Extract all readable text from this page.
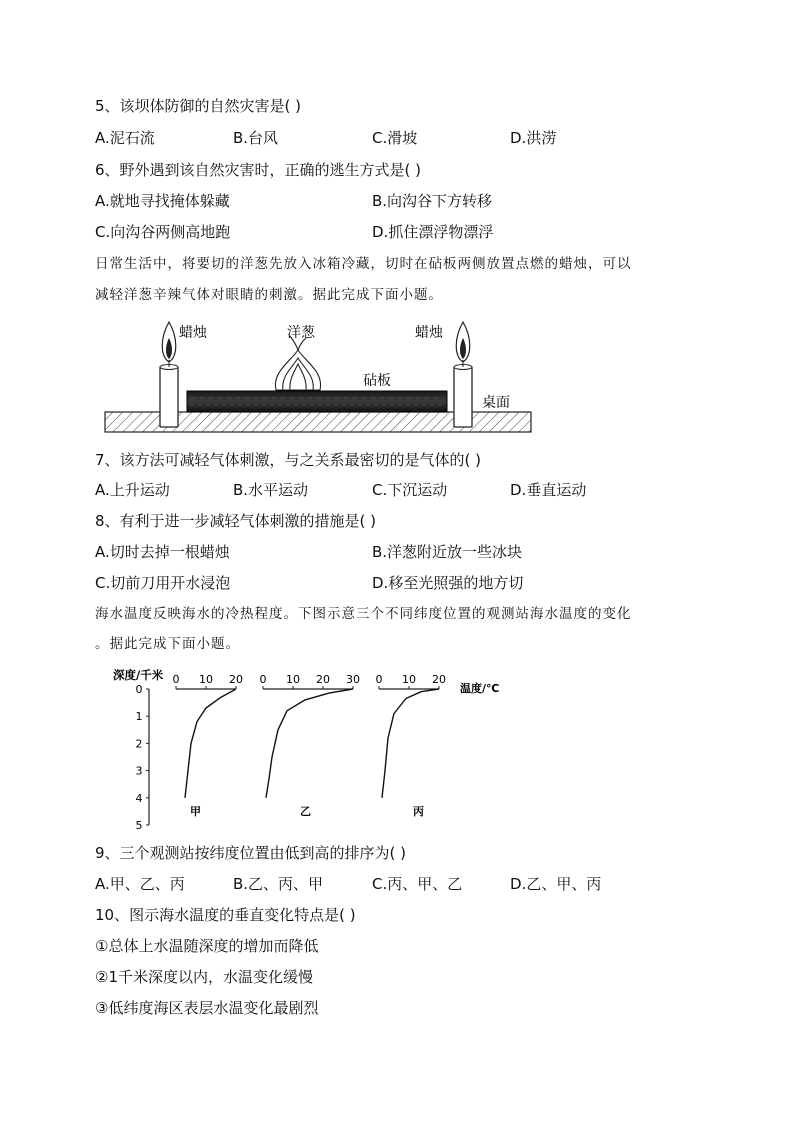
5、该坝体防御的自然灾害是( )
A.泥石流	B.台风	C.滑坡	D.洪涝
6、野外遇到该自然灾害时，正确的逃生方式是( )
A.就地寻找掩体躲藏	B.向沟谷下方转移
C.向沟谷两侧高地跑	D.抓住漂浮物漂浮
日常生活中，将要切的洋葱先放入冰箱冷藏，切时在砧板两侧放置点燃的蜡烛，可以
减轻洋葱辛辣气体对眼睛的刺激。据此完成下面小题。
蜡烛	洋葱	蜡烛
砧板
桌面
7、该方法可减轻气体刺激，与之关系最密切的是气体的( )
A.上升运动	B.水平运动	C.下沉运动	D.垂直运动
8、有利于进一步减轻气体刺激的措施是( )
A.切时去掉一根蜡烛	B.洋葱附近放一些冰块
C.切前刀用开水浸泡	D.移至光照强的地方切
海水温度反映海水的冷热程度。下图示意三个不同纬度位置的观测站海水温度的变化
。据此完成下面小题。
深度/千米
0
1
2
3
4
5
0 10 20
甲
0 10 20 30
乙
0 10 20
丙
温度/℃
9、三个观测站按纬度位置由低到高的排序为( )
A.甲、乙、丙	B.乙、丙、甲	C.丙、甲、乙	D.乙、甲、丙
10、图示海水温度的垂直变化特点是( )
①总体上水温随深度的增加而降低
②1千米深度以内，水温变化缓慢
③低纬度海区表层水温变化最剧烈
